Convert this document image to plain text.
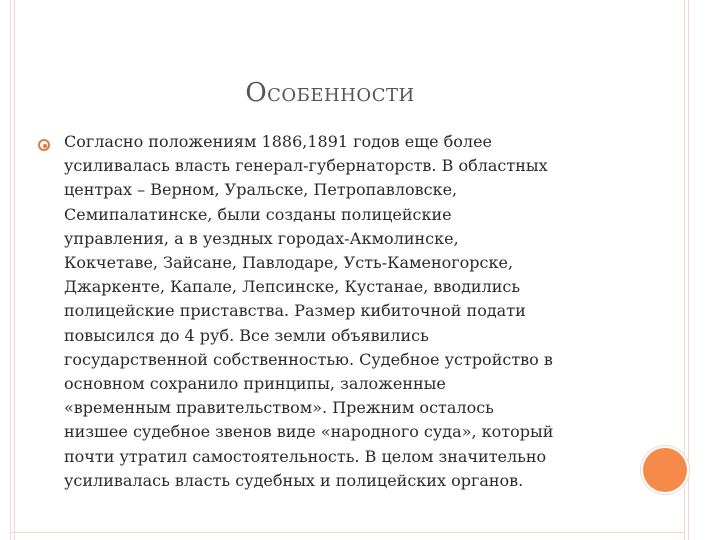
Особенности

Согласно положениям 1886,1891 годов еще более
усиливалась власть генерал-губернаторств. В областных
центрах – Верном, Уральске, Петропавловске,
Семипалатинске, были созданы полицейские
управления, а в уездных городах-Акмолинске,
Кокчетаве, Зайсане, Павлодаре, Усть-Каменогорске,
Джаркенте, Капале, Лепсинске, Кустанае, вводились
полицейские приставства. Размер кибиточной подати
повысился до 4 руб. Все земли объявились
государственной собственностью. Судебное устройство в
основном сохранило принципы, заложенные
«временным правительством». Прежним осталось
низшее судебное звенов виде «народного суда», который
почти утратил самостоятельность. В целом значительно
усиливалась власть судебных и полицейских органов.
